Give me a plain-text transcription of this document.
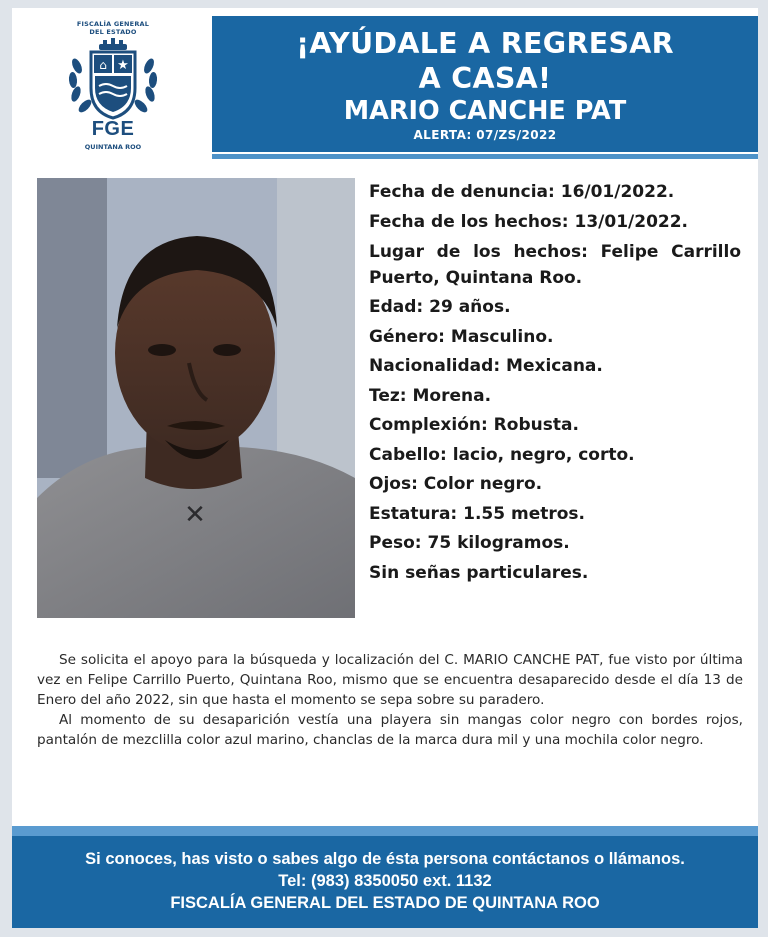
FISCALÍA GENERAL
DEL ESTADO
⌂ ★
FGE
QUINTANA ROO
¡AYÚDALE A REGRESAR
A CASA!
MARIO CANCHE PAT
ALERTA: 07/ZS/2022
✕
Fecha de denuncia: 16/01/2022.
Fecha de los hechos: 13/01/2022.
Lugar de los hechos: Felipe Carrillo Puerto, Quintana Roo.
Edad: 29 años.
Género: Masculino.
Nacionalidad: Mexicana.
Tez: Morena.
Complexión: Robusta.
Cabello: lacio, negro, corto.
Ojos: Color negro.
Estatura: 1.55 metros.
Peso: 75 kilogramos.
Sin señas particulares.

Se solicita el apoyo para la búsqueda y localización del C. MARIO CANCHE PAT, fue visto por última vez en Felipe Carrillo Puerto, Quintana Roo, mismo que se encuentra desaparecido desde el día 13 de Enero del año 2022, sin que hasta el momento se sepa sobre su paradero.

Al momento de su desaparición vestía una playera sin mangas color negro con bordes rojos, pantalón de mezclilla color azul marino, chanclas de la marca dura mil y una mochila color negro.

Si conoces, has visto o sabes algo de ésta persona contáctanos o llámanos.
Tel: (983) 8350050 ext. 1132
FISCALÍA GENERAL DEL ESTADO DE QUINTANA ROO
